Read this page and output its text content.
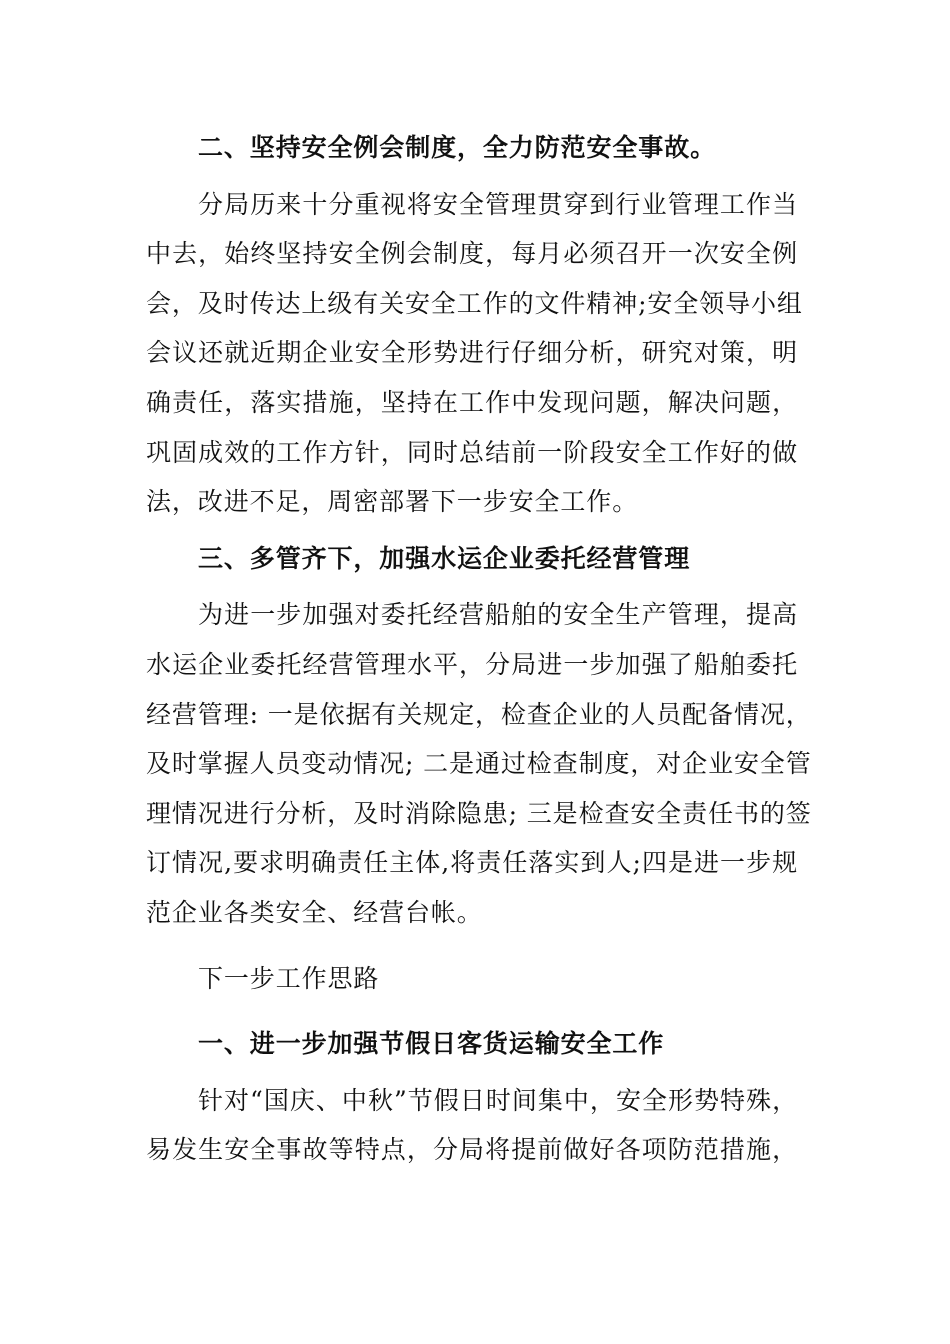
二、坚持安全例会制度，全力防范安全事故。
分局历来十分重视将安全管理贯穿到行业管理工作当
中去，始终坚持安全例会制度，每月必须召开一次安全例
会，及时传达上级有关安全工作的文件精神;安全领导小组
会议还就近期企业安全形势进行仔细分析，研究对策，明
确责任，落实措施，坚持在工作中发现问题，解决问题，
巩固成效的工作方针，同时总结前一阶段安全工作好的做
法，改进不足，周密部署下一步安全工作。
三、多管齐下，加强水运企业委托经营管理
为进一步加强对委托经营船舶的安全生产管理，提高
水运企业委托经营管理水平，分局进一步加强了船舶委托
经营管理: 一是依据有关规定，检查企业的人员配备情况，
及时掌握人员变动情况; 二是通过检查制度，对企业安全管
理情况进行分析，及时消除隐患; 三是检查安全责任书的签
订情况,要求明确责任主体,将责任落实到人;四是进一步规
范企业各类安全、经营台帐。
下一步工作思路
一、进一步加强节假日客货运输安全工作
针对“国庆、中秋”节假日时间集中，安全形势特殊，
易发生安全事故等特点，分局将提前做好各项防范措施，
